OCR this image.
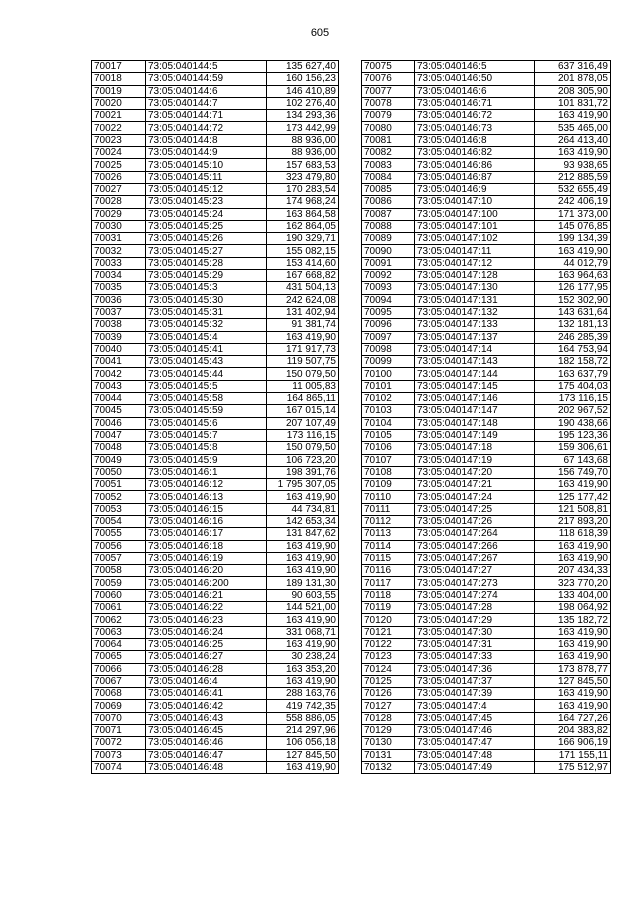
605
70017	73:05:040144:5	135 627,40
70018	73:05:040144:59	160 156,23
70019	73:05:040144:6	146 410,89
70020	73:05:040144:7	102 276,40
70021	73:05:040144:71	134 293,36
70022	73:05:040144:72	173 442,99
70023	73:05:040144:8	88 936,00
70024	73:05:040144:9	88 936,00
70025	73:05:040145:10	157 683,53
70026	73:05:040145:11	323 479,80
70027	73:05:040145:12	170 283,54
70028	73:05:040145:23	174 968,24
70029	73:05:040145:24	163 864,58
70030	73:05:040145:25	162 864,05
70031	73:05:040145:26	190 329,71
70032	73:05:040145:27	155 082,15
70033	73:05:040145:28	153 414,60
70034	73:05:040145:29	167 668,82
70035	73:05:040145:3	431 504,13
70036	73:05:040145:30	242 624,08
70037	73:05:040145:31	131 402,94
70038	73:05:040145:32	91 381,74
70039	73:05:040145:4	163 419,90
70040	73:05:040145:41	171 917,73
70041	73:05:040145:43	119 507,75
70042	73:05:040145:44	150 079,50
70043	73:05:040145:5	11 005,83
70044	73:05:040145:58	164 865,11
70045	73:05:040145:59	167 015,14
70046	73:05:040145:6	207 107,49
70047	73:05:040145:7	173 116,15
70048	73:05:040145:8	150 079,50
70049	73:05:040145:9	106 723,20
70050	73:05:040146:1	198 391,76
70051	73:05:040146:12	1 795 307,05
70052	73:05:040146:13	163 419,90
70053	73:05:040146:15	44 734,81
70054	73:05:040146:16	142 653,34
70055	73:05:040146:17	131 847,62
70056	73:05:040146:18	163 419,90
70057	73:05:040146:19	163 419,90
70058	73:05:040146:20	163 419,90
70059	73:05:040146:200	189 131,30
70060	73:05:040146:21	90 603,55
70061	73:05:040146:22	144 521,00
70062	73:05:040146:23	163 419,90
70063	73:05:040146:24	331 068,71
70064	73:05:040146:25	163 419,90
70065	73:05:040146:27	30 238,24
70066	73:05:040146:28	163 353,20
70067	73:05:040146:4	163 419,90
70068	73:05:040146:41	288 163,76
70069	73:05:040146:42	419 742,35
70070	73:05:040146:43	558 886,05
70071	73:05:040146:45	214 297,96
70072	73:05:040146:46	106 056,18
70073	73:05:040146:47	127 845,50
70074	73:05:040146:48	163 419,90
70075	73:05:040146:5	637 316,49
70076	73:05:040146:50	201 878,05
70077	73:05:040146:6	208 305,90
70078	73:05:040146:71	101 831,72
70079	73:05:040146:72	163 419,90
70080	73:05:040146:73	535 465,00
70081	73:05:040146:8	264 413,40
70082	73:05:040146:82	163 419,90
70083	73:05:040146:86	93 938,65
70084	73:05:040146:87	212 885,59
70085	73:05:040146:9	532 655,49
70086	73:05:040147:10	242 406,19
70087	73:05:040147:100	171 373,00
70088	73:05:040147:101	145 076,85
70089	73:05:040147:102	199 134,39
70090	73:05:040147:11	163 419,90
70091	73:05:040147:12	44 012,79
70092	73:05:040147:128	163 964,63
70093	73:05:040147:130	126 177,95
70094	73:05:040147:131	152 302,90
70095	73:05:040147:132	143 631,64
70096	73:05:040147:133	132 181,13
70097	73:05:040147:137	246 285,39
70098	73:05:040147:14	164 753,94
70099	73:05:040147:143	182 158,72
70100	73:05:040147:144	163 637,79
70101	73:05:040147:145	175 404,03
70102	73:05:040147:146	173 116,15
70103	73:05:040147:147	202 967,52
70104	73:05:040147:148	190 438,66
70105	73:05:040147:149	195 123,36
70106	73:05:040147:18	159 306,61
70107	73:05:040147:19	67 143,68
70108	73:05:040147:20	156 749,70
70109	73:05:040147:21	163 419,90
70110	73:05:040147:24	125 177,42
70111	73:05:040147:25	121 508,81
70112	73:05:040147:26	217 893,20
70113	73:05:040147:264	118 618,39
70114	73:05:040147:266	163 419,90
70115	73:05:040147:267	163 419,90
70116	73:05:040147:27	207 434,33
70117	73:05:040147:273	323 770,20
70118	73:05:040147:274	133 404,00
70119	73:05:040147:28	198 064,92
70120	73:05:040147:29	135 182,72
70121	73:05:040147:30	163 419,90
70122	73:05:040147:31	163 419,90
70123	73:05:040147:33	163 419,90
70124	73:05:040147:36	173 878,77
70125	73:05:040147:37	127 845,50
70126	73:05:040147:39	163 419,90
70127	73:05:040147:4	163 419,90
70128	73:05:040147:45	164 727,26
70129	73:05:040147:46	204 383,82
70130	73:05:040147:47	166 906,19
70131	73:05:040147:48	171 155,11
70132	73:05:040147:49	175 512,97
